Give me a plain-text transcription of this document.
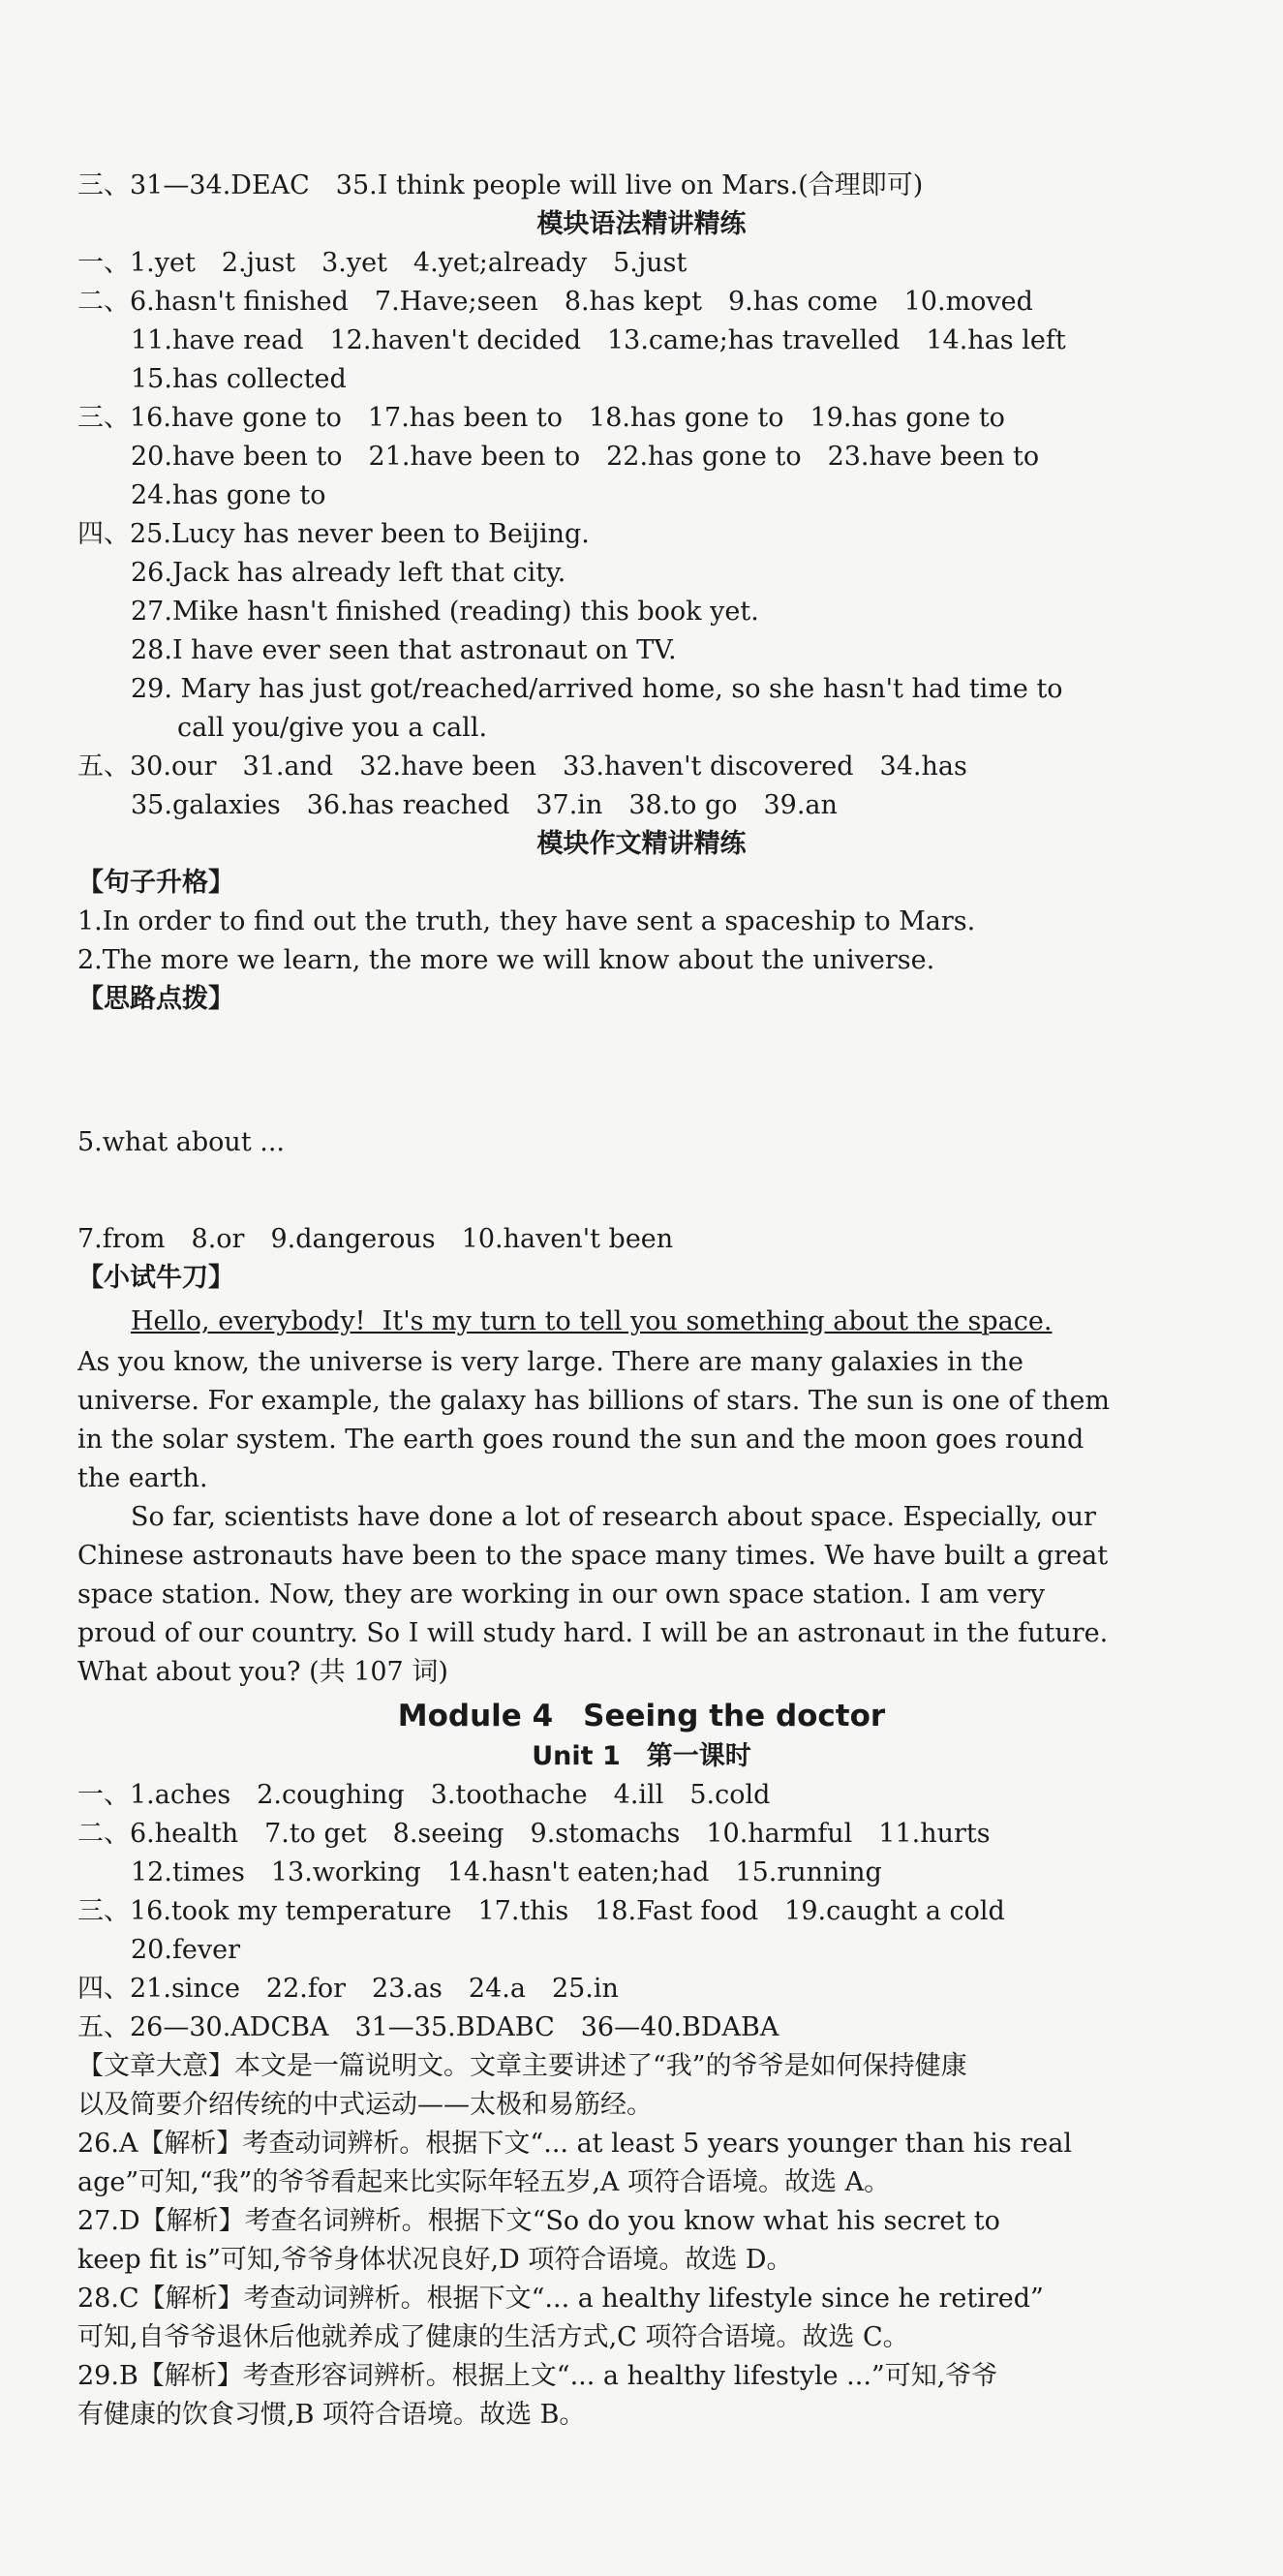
三、31—34.DEAC　35.I think people will live on Mars.(合理即可)
模块语法精讲精练
一、1.yet　2.just　3.yet　4.yet;already　5.just
二、6.hasn't finished　7.Have;seen　8.has kept　9.has come　10.moved
11.have read　12.haven't decided　13.came;has travelled　14.has left
15.has collected
三、16.have gone to　17.has been to　18.has gone to　19.has gone to
20.have been to　21.have been to　22.has gone to　23.have been to
24.has gone to
四、25.Lucy has never been to Beijing.
26.Jack has already left that city.
27.Mike hasn't finished (reading) this book yet.
28.I have ever seen that astronaut on TV.
29. Mary has just got/reached/arrived home, so she hasn't had time to
call you/give you a call.
五、30.our　31.and　32.have been　33.haven't discovered　34.has
35.galaxies　36.has reached　37.in　38.to go　39.an
模块作文精讲精练
【句子升格】
1.In order to find out the truth, they have sent a spaceship to Mars.
2.The more we learn, the more we will know about the universe.
【思路点拨】

5.what about ...

7.from　8.or　9.dangerous　10.haven't been
【小试牛刀】
Hello, everybody!  It's my turn to tell you something about the space.
As you know, the universe is very large. There are many galaxies in the
universe. For example, the galaxy has billions of stars. The sun is one of them
in the solar system. The earth goes round the sun and the moon goes round
the earth.
So far, scientists have done a lot of research about space. Especially, our
Chinese astronauts have been to the space many times. We have built a great
space station. Now, they are working in our own space station. I am very
proud of our country. So I will study hard. I will be an astronaut in the future.
What about you? (共 107 词)
Module 4　Seeing the doctor
Unit 1　第一课时
一、1.aches　2.coughing　3.toothache　4.ill　5.cold
二、6.health　7.to get　8.seeing　9.stomachs　10.harmful　11.hurts
12.times　13.working　14.hasn't eaten;had　15.running
三、16.took my temperature　17.this　18.Fast food　19.caught a cold
20.fever
四、21.since　22.for　23.as　24.a　25.in
五、26—30.ADCBA　31—35.BDABC　36—40.BDABA
【文章大意】本文是一篇说明文。文章主要讲述了“我”的爷爷是如何保持健康
以及简要介绍传统的中式运动——太极和易筋经。
26.A【解析】考查动词辨析。根据下文“... at least 5 years younger than his real
age”可知,“我”的爷爷看起来比实际年轻五岁,A 项符合语境。故选 A。
27.D【解析】考查名词辨析。根据下文“So do you know what his secret to
keep fit is”可知,爷爷身体状况良好,D 项符合语境。故选 D。
28.C【解析】考查动词辨析。根据下文“... a healthy lifestyle since he retired”
可知,自爷爷退休后他就养成了健康的生活方式,C 项符合语境。故选 C。
29.B【解析】考查形容词辨析。根据上文“... a healthy lifestyle ...”可知,爷爷
有健康的饮食习惯,B 项符合语境。故选 B。
